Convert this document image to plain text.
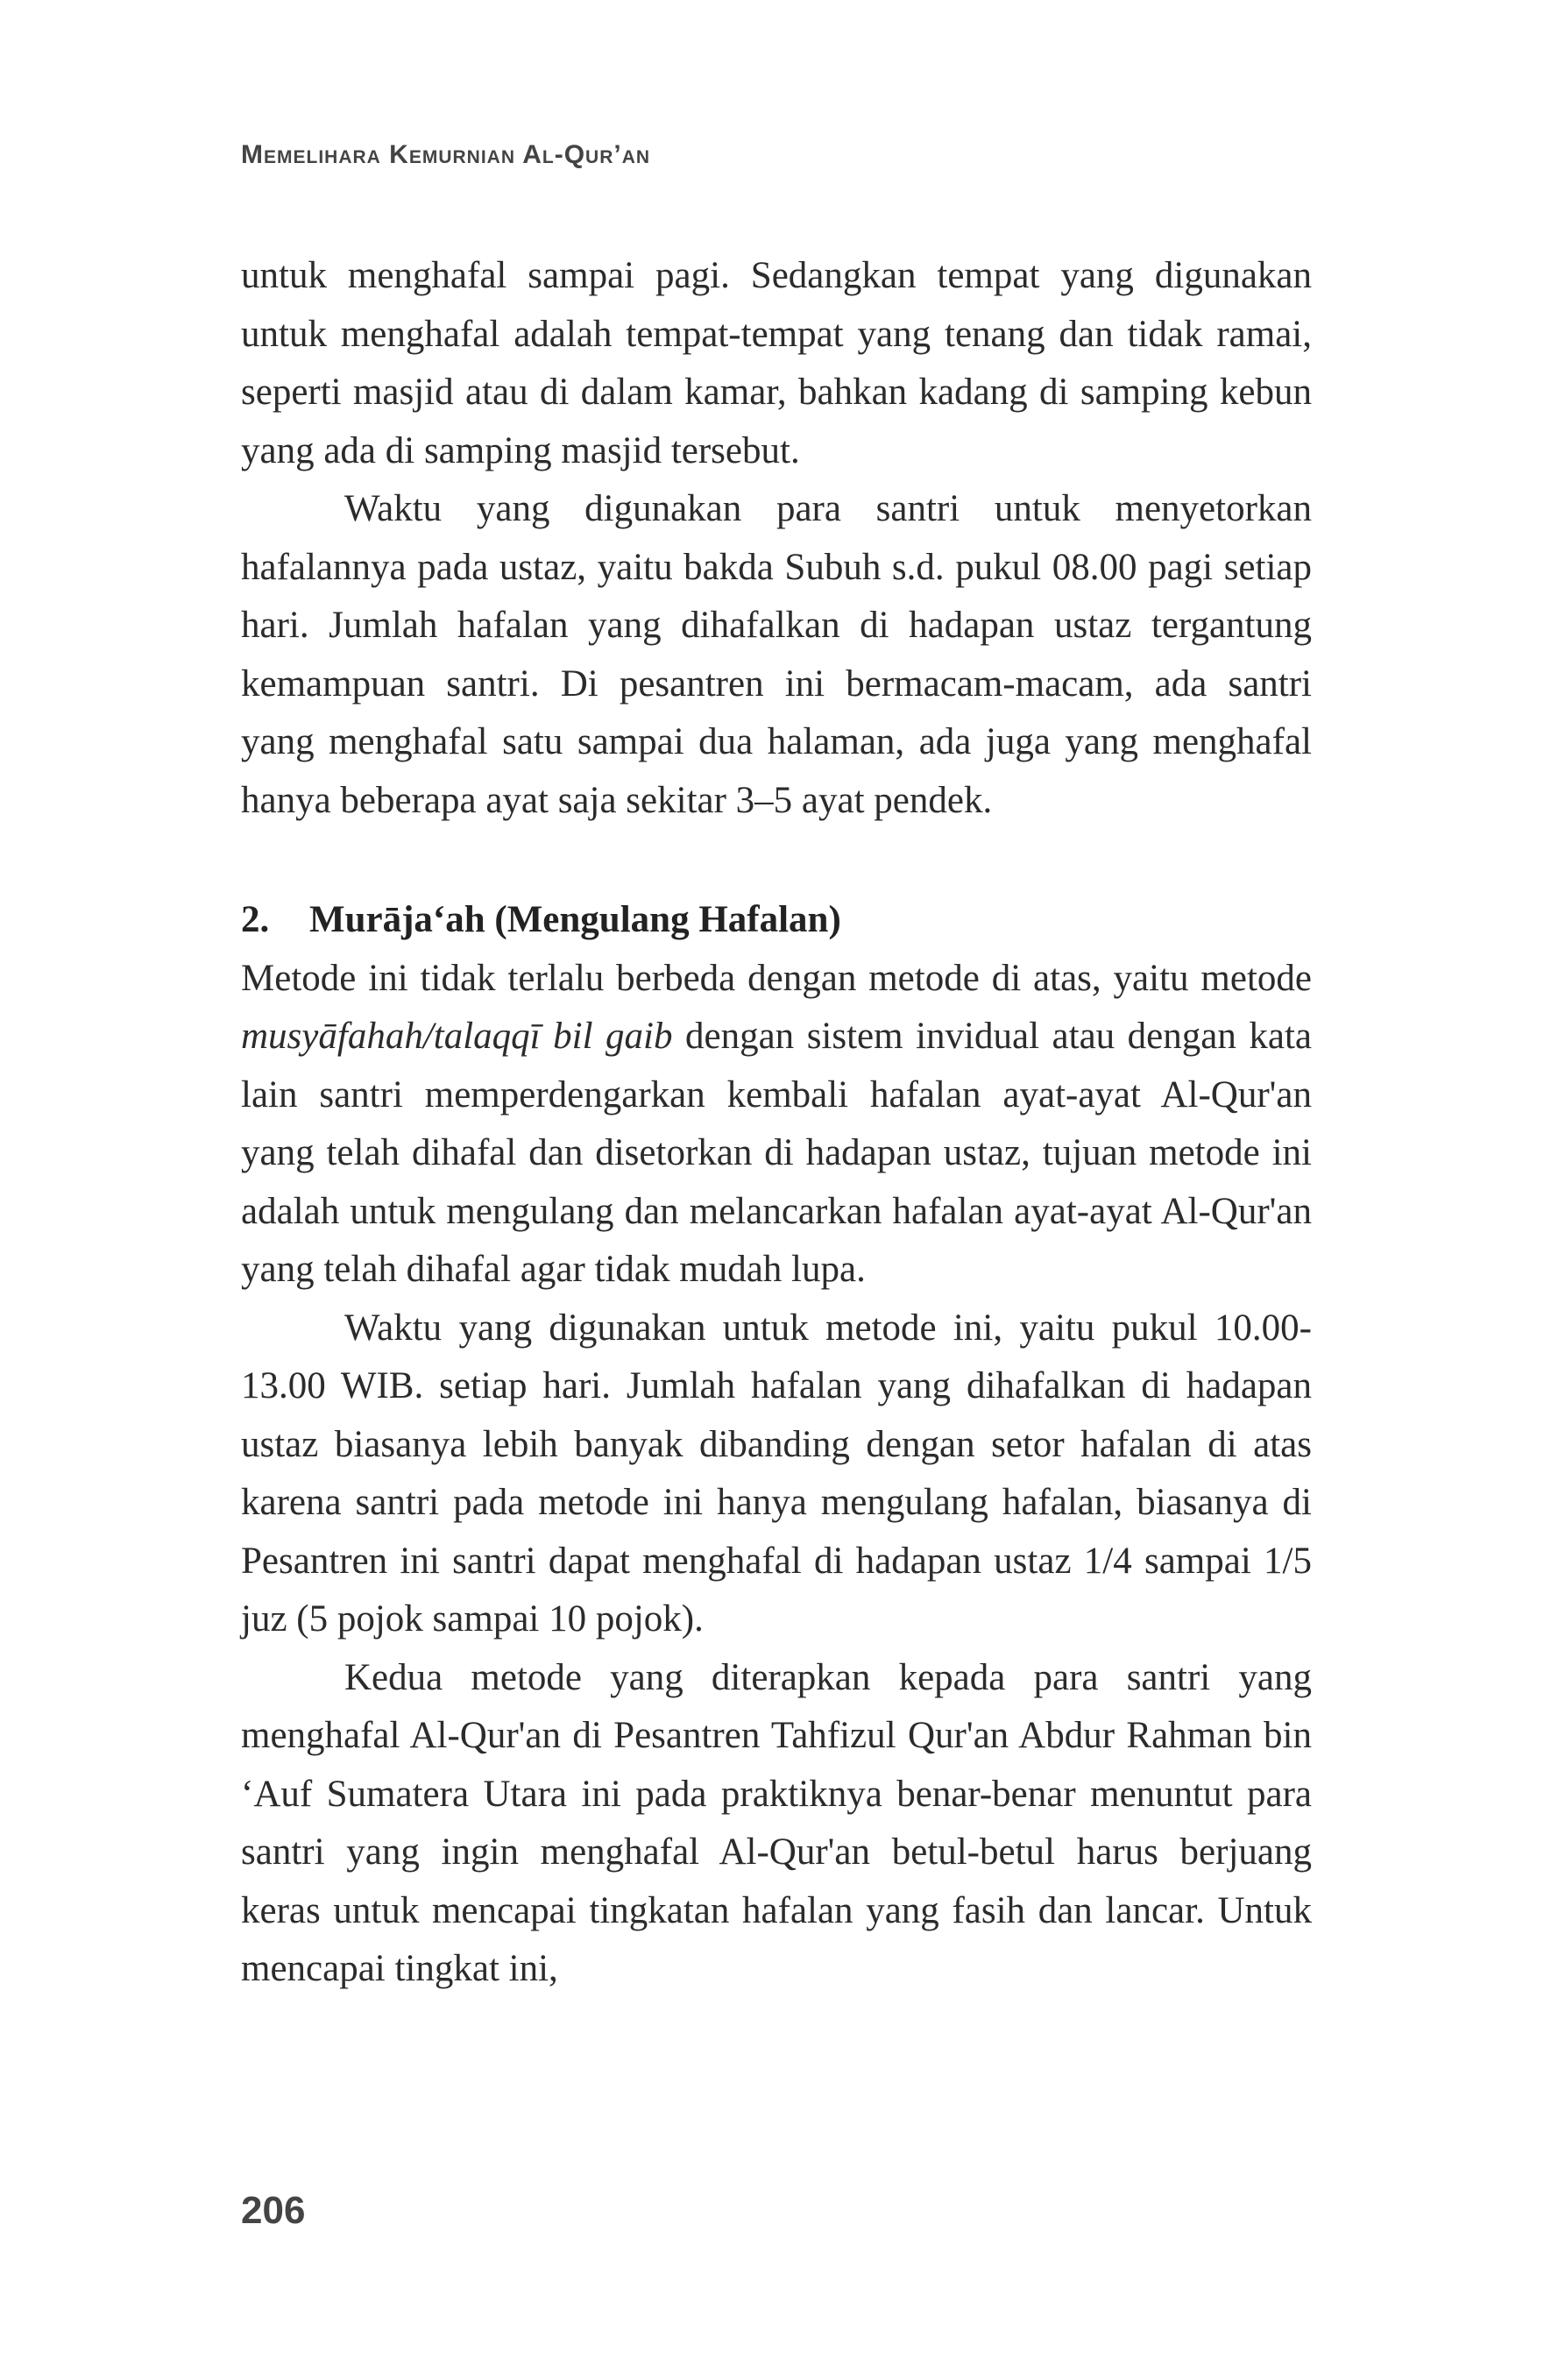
Memelihara Kemurnian Al-Qur’an

untuk menghafal sampai pagi. Sedangkan tempat yang digunakan untuk menghafal adalah tempat-tempat yang tenang dan tidak ramai, seperti masjid atau di dalam kamar, bahkan kadang di samping kebun yang ada di samping masjid tersebut.

Waktu yang digunakan para santri untuk menyetorkan hafalannya pada ustaz, yaitu bakda Subuh s.d. pukul 08.00 pagi setiap hari. Jumlah hafalan yang dihafalkan di hadapan ustaz tergantung kemampuan santri. Di pesantren ini bermacam-macam, ada santri yang menghafal satu sampai dua halaman, ada juga yang menghafal hanya beberapa ayat saja sekitar 3–5 ayat pendek.

2. Murāja‘ah (Mengulang Hafalan)

Metode ini tidak terlalu berbeda dengan metode di atas, yaitu metode musyāfahah/talaqqī bil gaib dengan sistem invidual atau dengan kata lain santri memperdengarkan kembali hafalan ayat-ayat Al-Qur'an yang telah dihafal dan disetorkan di hadapan ustaz, tujuan metode ini adalah untuk mengulang dan melancarkan hafalan ayat-ayat Al-Qur'an yang telah dihafal agar tidak mudah lupa.

Waktu yang digunakan untuk metode ini, yaitu pukul 10.00-13.00 WIB. setiap hari. Jumlah hafalan yang dihafalkan di hadapan ustaz biasanya lebih banyak dibanding dengan setor hafalan di atas karena santri pada metode ini hanya mengulang hafalan, biasanya di Pesantren ini santri dapat menghafal di hadapan ustaz 1/4 sampai 1/5 juz (5 pojok sampai 10 pojok).

Kedua metode yang diterapkan kepada para santri yang menghafal Al-Qur'an di Pesantren Tahfizul Qur'an Abdur Rahman bin ‘Auf Sumatera Utara ini pada praktiknya benar-benar menuntut para santri yang ingin menghafal Al-Qur'an betul-betul harus berjuang keras untuk mencapai tingkatan hafalan yang fasih dan lancar. Untuk mencapai tingkat ini,

206
